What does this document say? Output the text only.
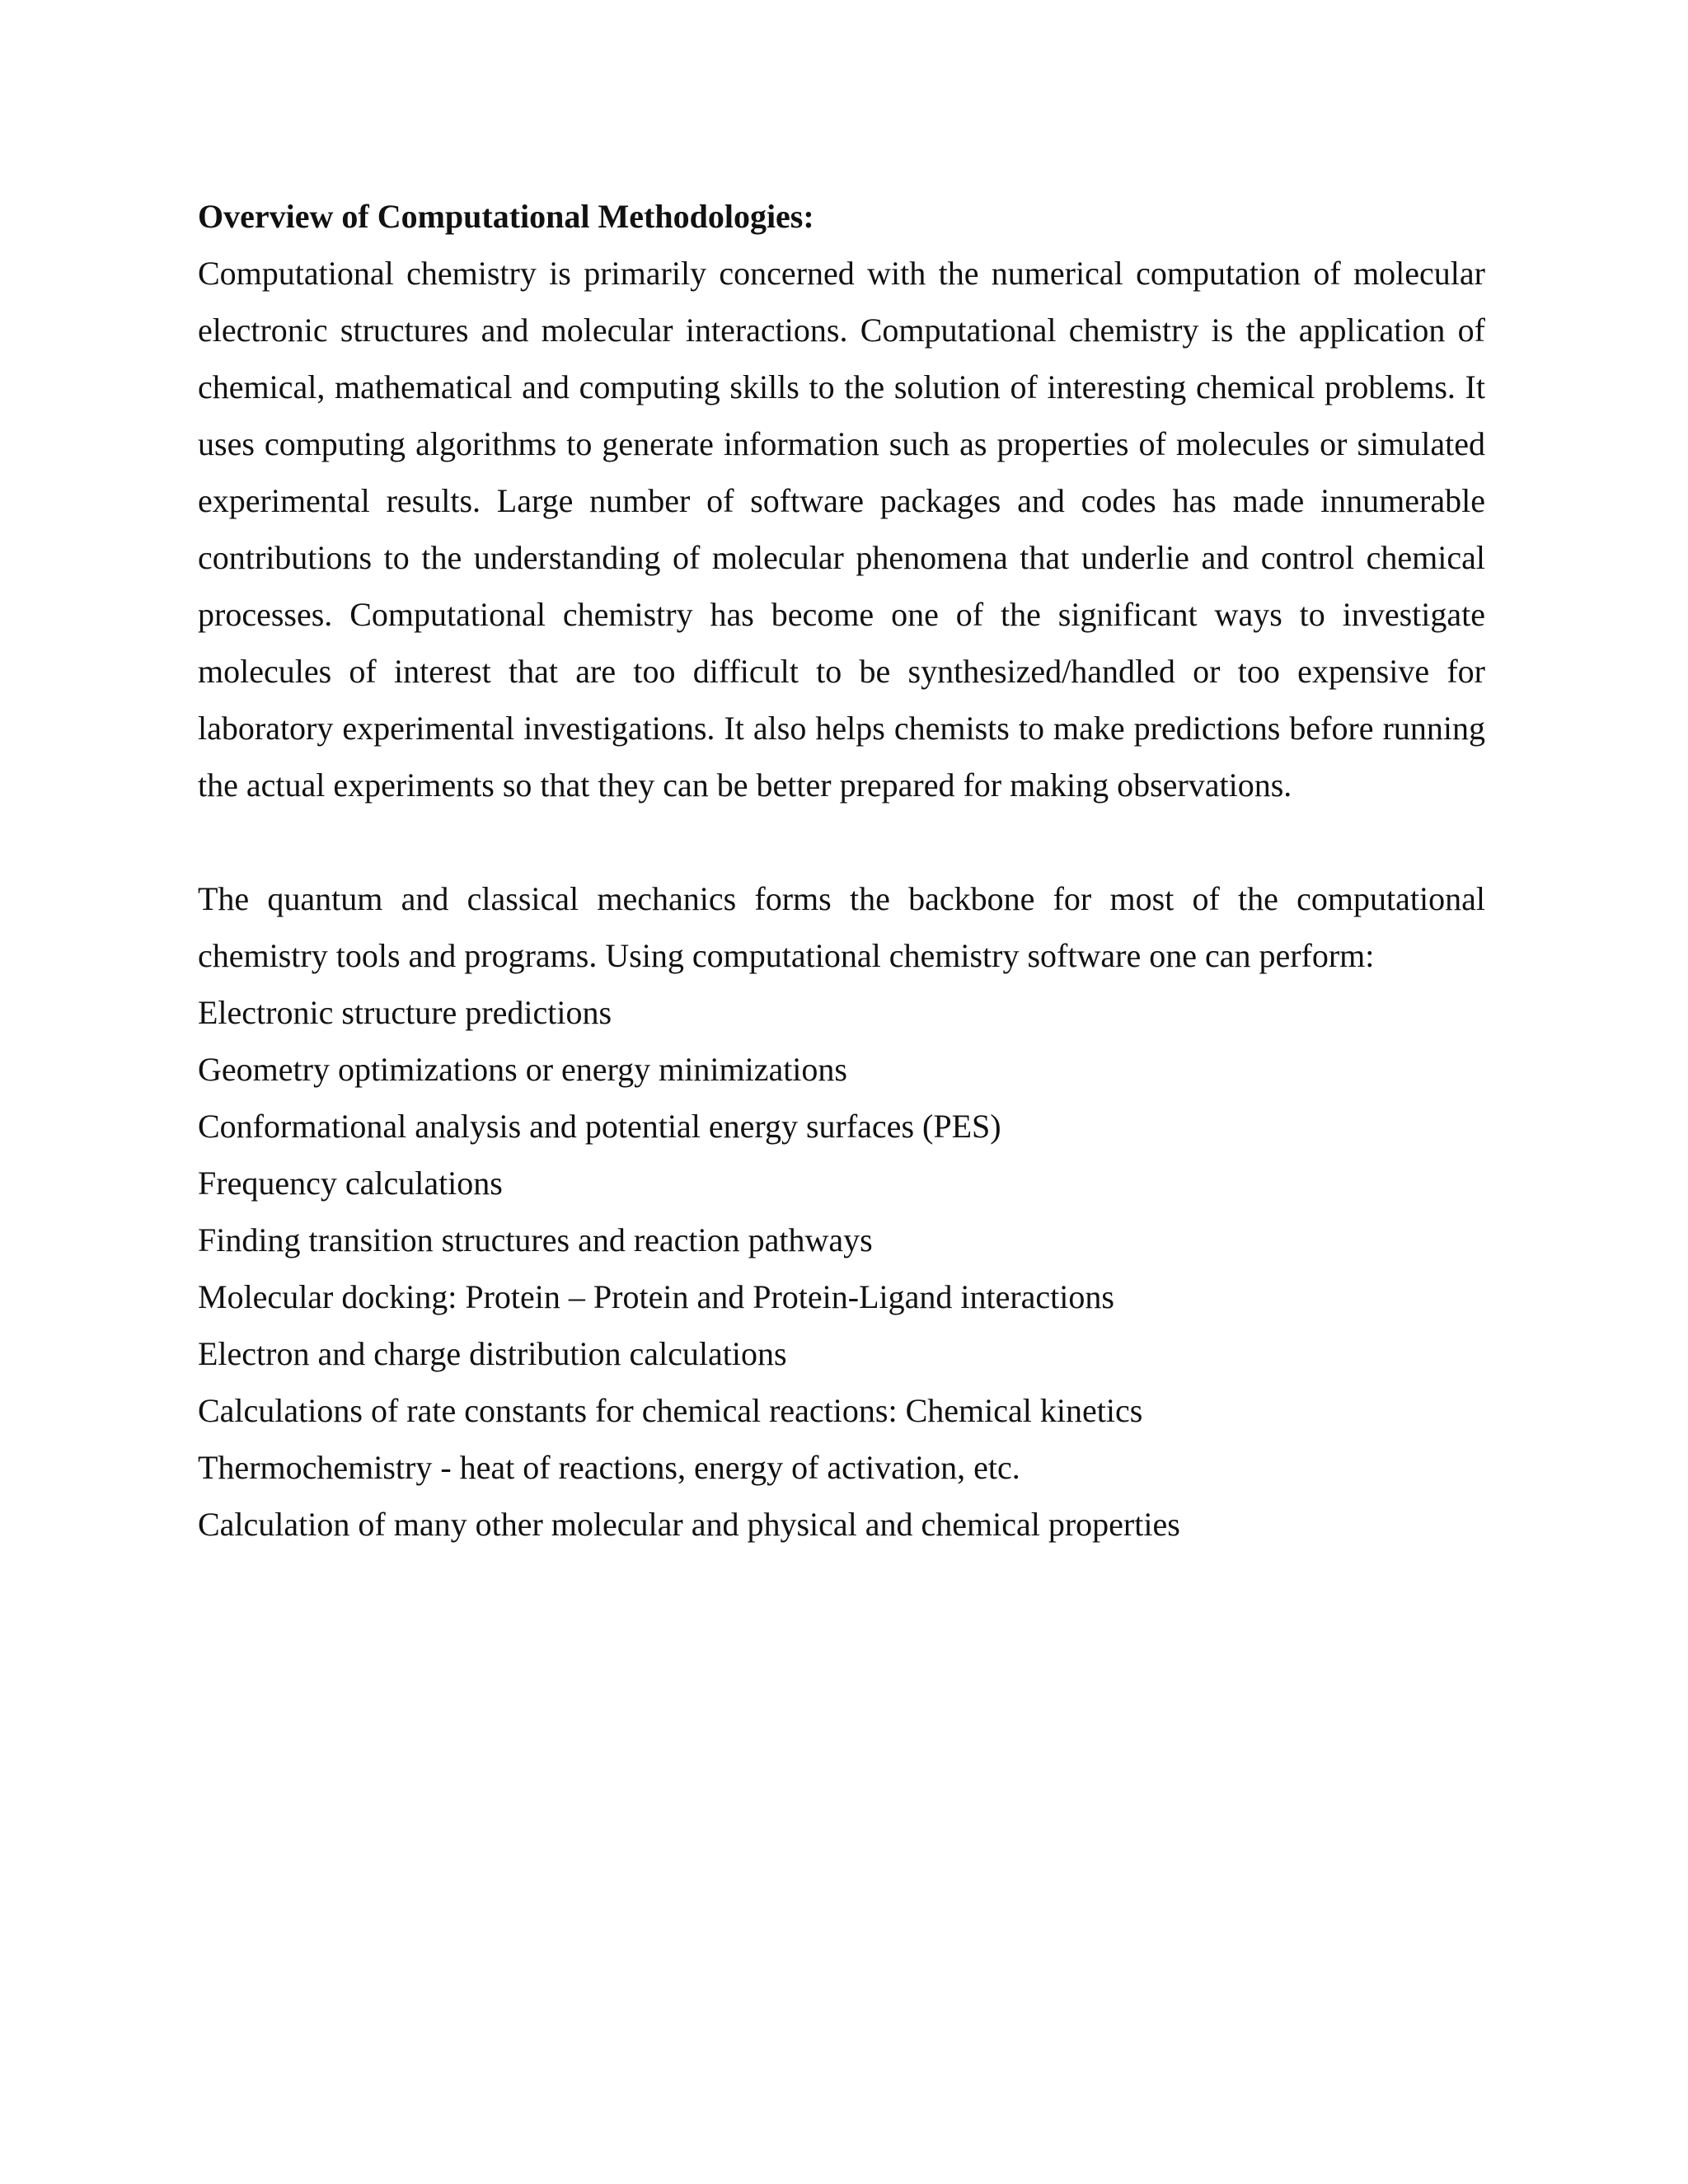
Overview of Computational Methodologies:

Computational chemistry is primarily concerned with the numerical computation of molecular electronic structures and molecular interactions. Computational chemistry is the application of chemical, mathematical and computing skills to the solution of interesting chemical problems. It uses computing algorithms to generate information such as properties of molecules or simulated experimental results. Large number of software packages and codes has made innumerable contributions to the understanding of molecular phenomena that underlie and control chemical processes. Computational chemistry has become one of the significant ways to investigate molecules of interest that are too difficult to be synthesized/handled or too expensive for laboratory experimental investigations. It also helps chemists to make predictions before running the actual experiments so that they can be better prepared for making observations.

The quantum and classical mechanics forms the backbone for most of the computational chemistry tools and programs. Using computational chemistry software one can perform:

Electronic structure predictions
Geometry optimizations or energy minimizations
Conformational analysis and potential energy surfaces (PES)
Frequency calculations
Finding transition structures and reaction pathways
Molecular docking: Protein – Protein and Protein-Ligand interactions
Electron and charge distribution calculations
Calculations of rate constants for chemical reactions: Chemical kinetics
Thermochemistry - heat of reactions, energy of activation, etc.
Calculation of many other molecular and physical and chemical properties
